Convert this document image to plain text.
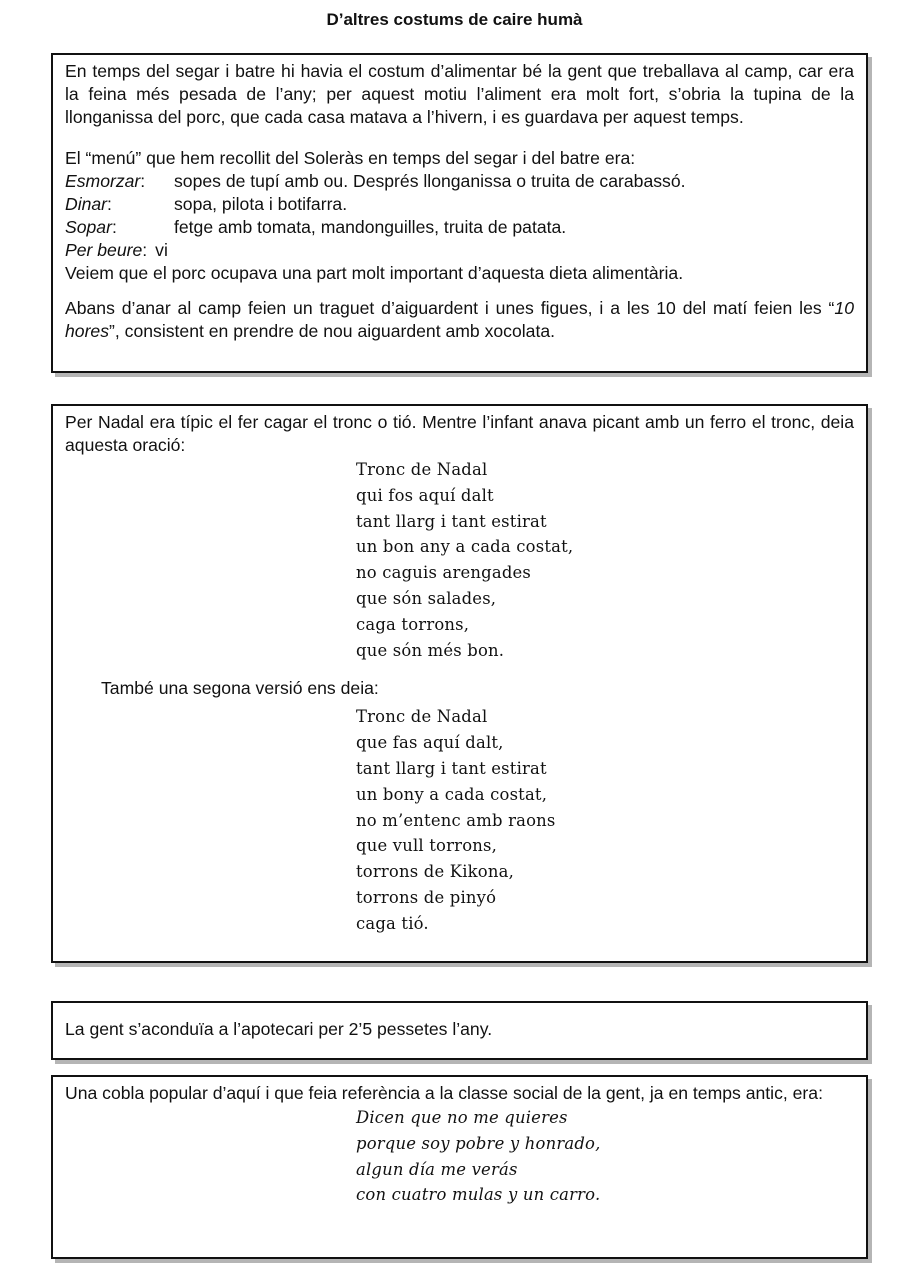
D’altres costums de caire humà

En temps del segar i batre hi havia el costum d’alimentar bé la gent que treballava al camp, car era la feina més pesada de l’any; per aquest motiu l’aliment era molt fort, s’obria la tupina de la llonganissa del porc, que cada casa matava a l’hivern, i es guardava per aquest temps.

El “menú” que hem recollit del Soleràs en temps del segar i del batre era:

Esmorzar:	sopes de tupí amb ou. Després llonganissa o truita de carabassó.
Dinar:	sopa, pilota i botifarra.
Sopar:	fetge amb tomata, mandonguilles, truita de patata.
Per beure: vi

Veiem que el porc ocupava una part molt important d’aquesta dieta alimentària.

Abans d’anar al camp feien un traguet d’aiguardent i unes figues, i a les 10 del matí feien les “10 hores”, consistent en prendre de nou aiguardent amb xocolata.

Per Nadal era típic el fer cagar el tronc o tió. Mentre l’infant anava picant amb un ferro el tronc, deia aquesta oració:

Tronc de Nadal
qui fos aquí dalt
tant llarg i tant estirat
un bon any a cada costat,
no caguis arengades
que són salades,
caga torrons,
que són més bon.

També una segona versió ens deia:

Tronc de Nadal
que fas aquí dalt,
tant llarg i tant estirat
un bony a cada costat,
no m’entenc amb raons
que vull torrons,
torrons de Kikona,
torrons de pinyó
caga tió.

La gent s’aconduïa a l’apotecari per 2’5 pessetes l’any.

Una cobla popular d’aquí i que feia referència a la classe social de la gent, ja en temps antic, era:

Dicen que no me quieres
porque soy pobre y honrado,
algun día me verás
con cuatro mulas y un carro.
